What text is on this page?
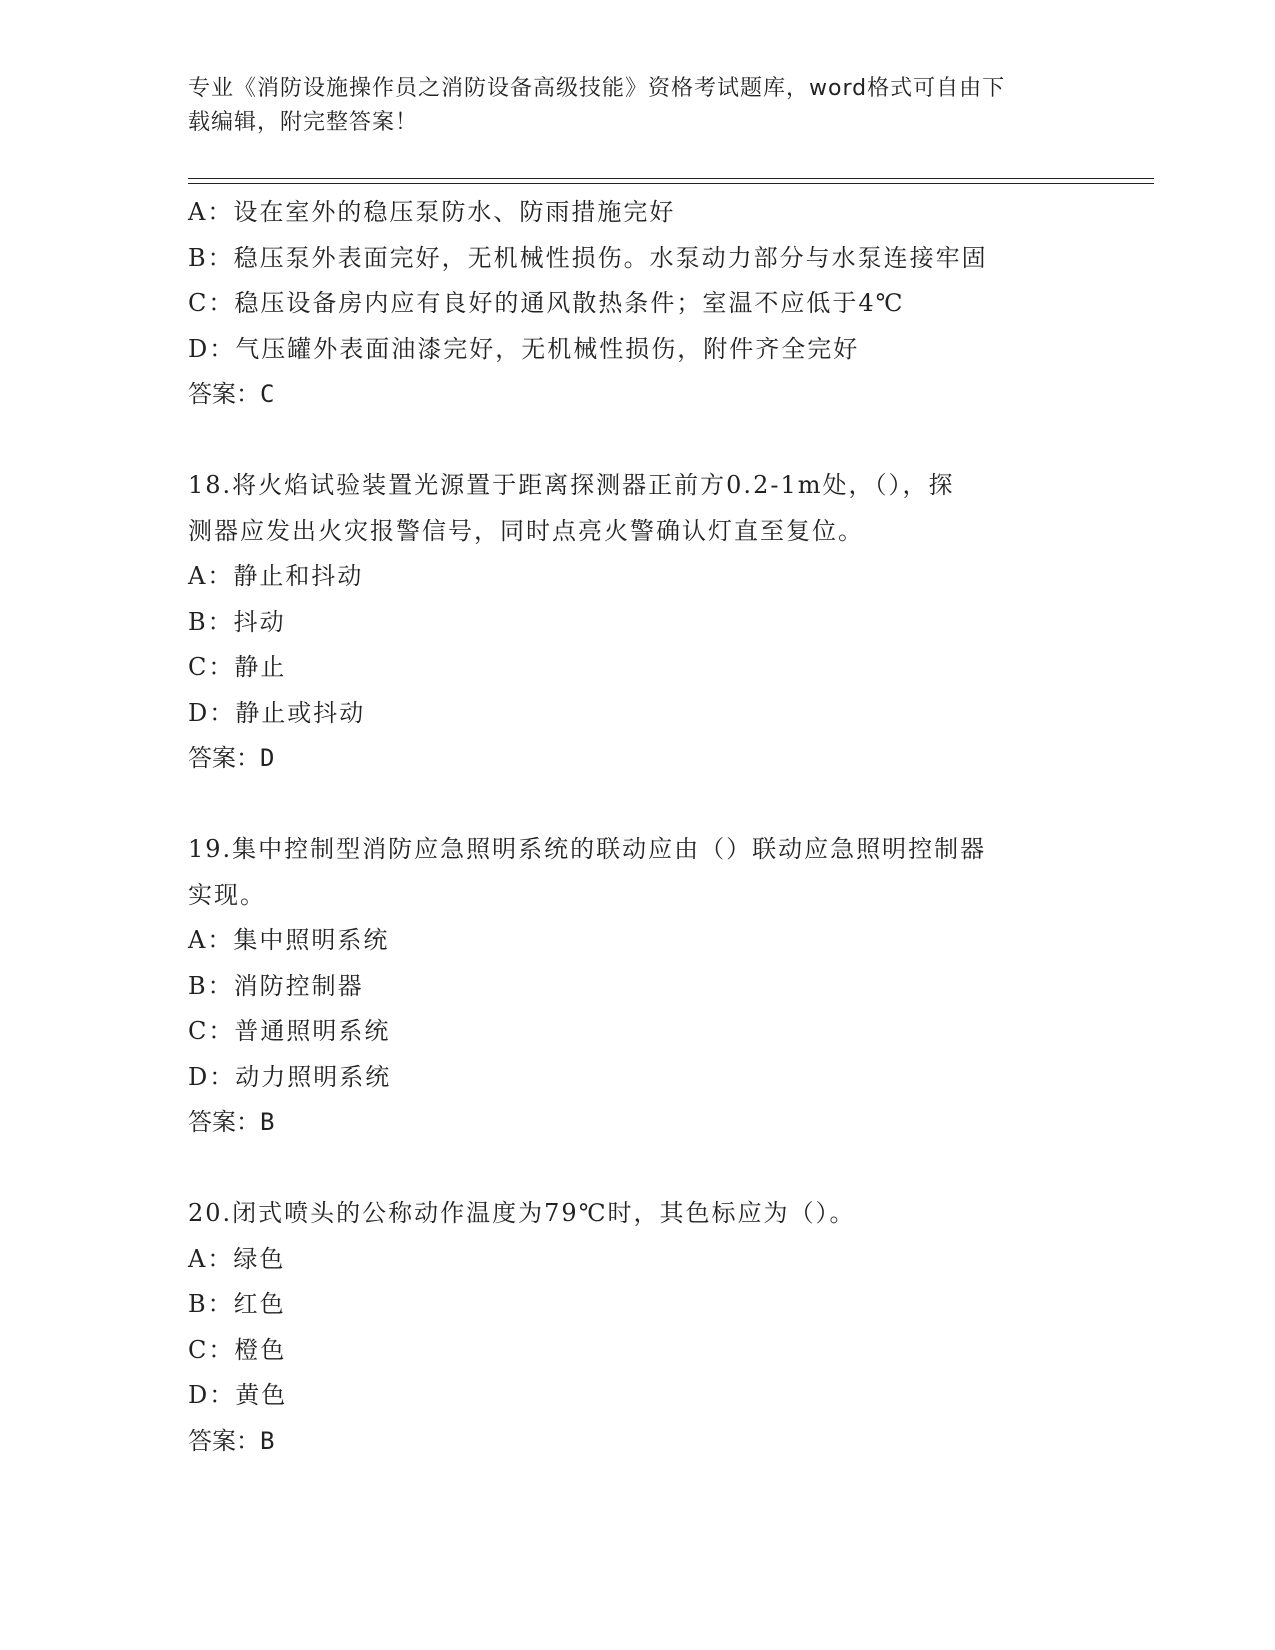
专业《消防设施操作员之消防设备高级技能》资格考试题库，word格式可自由下
载编辑，附完整答案！
A：设在室外的稳压泵防水、防雨措施完好
B：稳压泵外表面完好，无机械性损伤。水泵动力部分与水泵连接牢固
C：稳压设备房内应有良好的通风散热条件；室温不应低于4℃
D：气压罐外表面油漆完好，无机械性损伤，附件齐全完好
答案：C
18.将火焰试验装置光源置于距离探测器正前方0.2-1m处，（），探
测器应发出火灾报警信号，同时点亮火警确认灯直至复位。
A：静止和抖动
B：抖动
C：静止
D：静止或抖动
答案：D
19.集中控制型消防应急照明系统的联动应由（）联动应急照明控制器
实现。
A：集中照明系统
B：消防控制器
C：普通照明系统
D：动力照明系统
答案：B
20.闭式喷头的公称动作温度为79℃时，其色标应为（）。
A：绿色
B：红色
C：橙色
D：黄色
答案：B
